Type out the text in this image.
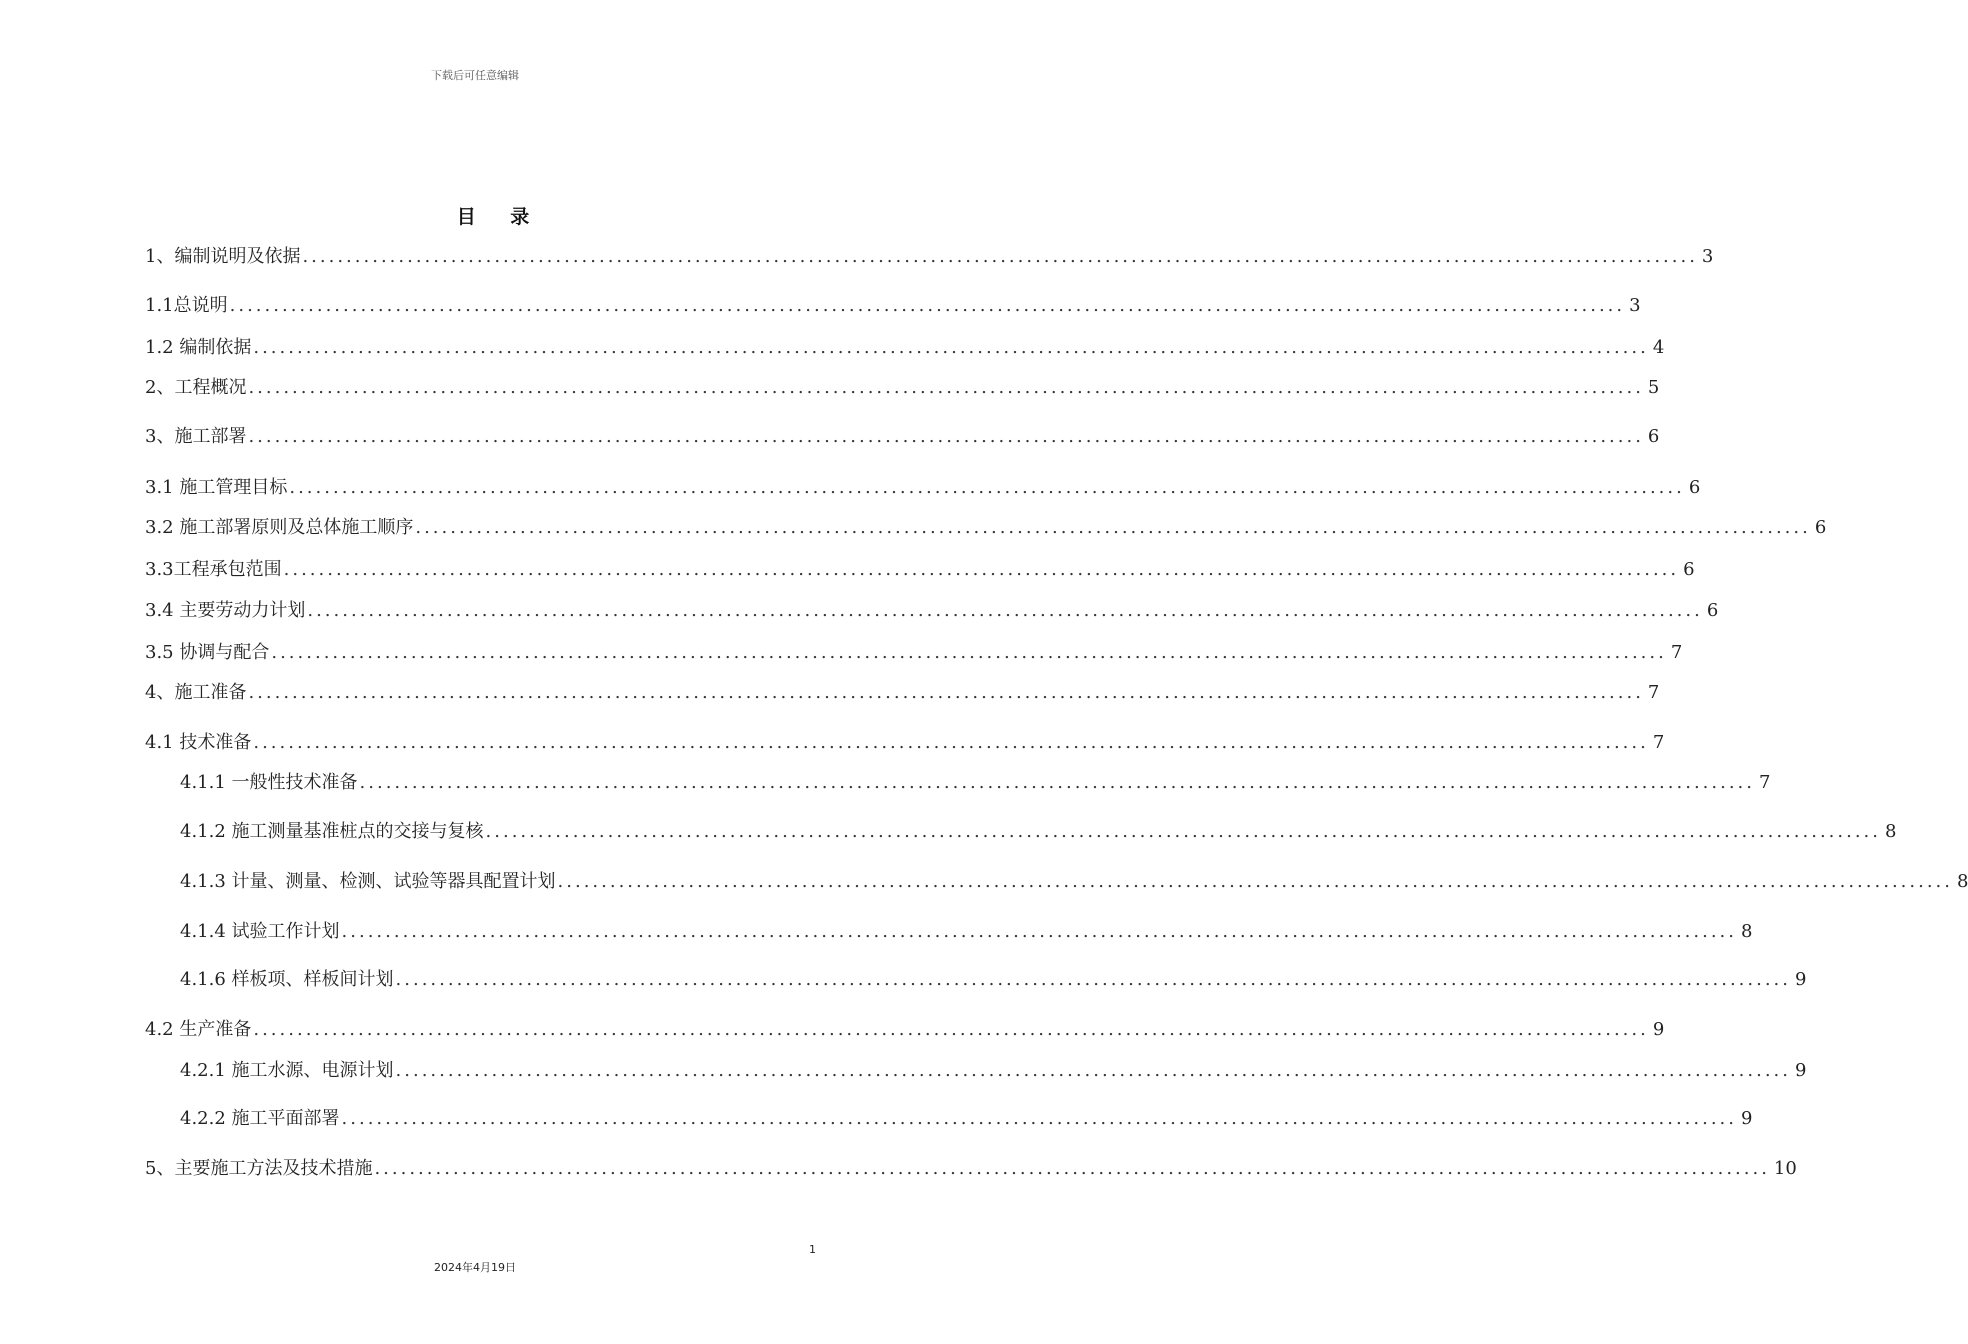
下载后可任意编辑
目 录
1、编制说明及依据 ................................................................................................................................................................ 3
1.1总说明 ................................................................................................................................................................ 3
1.2 编制依据 ................................................................................................................................................................ 4
2、工程概况 ................................................................................................................................................................ 5
3、施工部署 ................................................................................................................................................................ 6
3.1 施工管理目标 ................................................................................................................................................................ 6
3.2 施工部署原则及总体施工顺序 ................................................................................................................................................................ 6
3.3工程承包范围 ................................................................................................................................................................ 6
3.4 主要劳动力计划 ................................................................................................................................................................ 6
3.5 协调与配合 ................................................................................................................................................................ 7
4、施工准备 ................................................................................................................................................................ 7
4.1 技术准备 ................................................................................................................................................................ 7
4.1.1 一般性技术准备 ................................................................................................................................................................ 7
4.1.2 施工测量基准桩点的交接与复核 ................................................................................................................................................................ 8
4.1.3 计量、测量、检测、试验等器具配置计划 ................................................................................................................................................................ 8
4.1.4 试验工作计划 ................................................................................................................................................................ 8
4.1.6 样板项、样板间计划 ................................................................................................................................................................ 9
4.2 生产准备 ................................................................................................................................................................ 9
4.2.1 施工水源、电源计划 ................................................................................................................................................................ 9
4.2.2 施工平面部署 ................................................................................................................................................................ 9
5、主要施工方法及技术措施 ................................................................................................................................................................ 10
1
2024年4月19日
